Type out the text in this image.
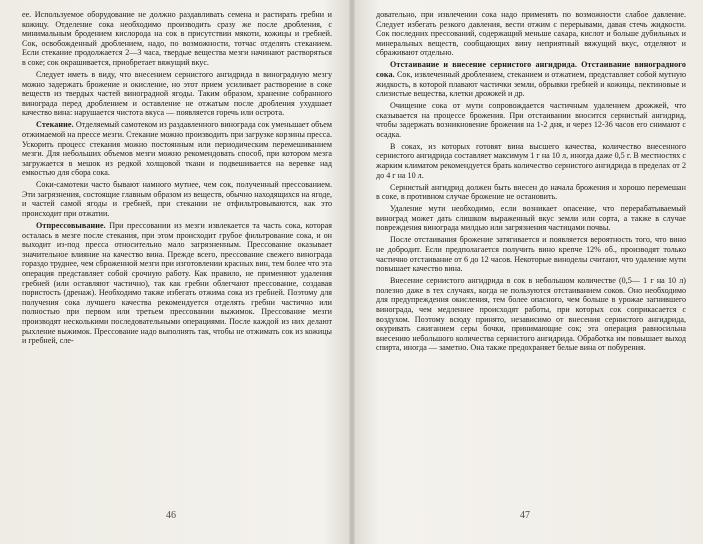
ее. Используемое оборудование не должно раздавливать семена и растирать гребни и кожицу. Отделение сока необходимо производить сразу же после дробления, с минимальным бродением кислорода на сок в присутствии мякоти, кожицы и гребней. Сок, освобожденный дроблением, надо, по возможности, тотчас отделять стеканием. Если стекание продолжается 2—3 часа, твердые вещества мезги начинают растворяться в соке; сок окрашивается, приобретает вяжущий вкус.

Следует иметь в виду, что внесением сернистого ангидрида в виноградную мезгу можно задержать брожение и окисление, но этот прием усиливает растворение в соке веществ из твердых частей виноградной ягоды. Таким образом, хранение собранного винограда перед дроблением и оставление не отжатым после дробления ухудшает качество вина: нарушается чистота вкуса — появляется горечь или острота.

Стекание. Отделяемый самотеком из раздавленного винограда сок уменьшает объем отжимаемой на прессе мезги. Стекание можно производить при загрузке корзины пресса. Ускорить процесс стекания можно постоянным или периодическим перемешиванием мезги. Для небольших объемов мезги можно рекомендовать способ, при котором мезга загружается в мешок из редкой холщовой ткани и подвешивается на веревке над емкостью для сбора сока.

Соки-самотеки часто бывают намного мутнее, чем сок, полученный прессованием. Эти загрязнения, состоящие главным образом из веществ, обычно находящихся на ягоде, и частей самой ягоды и гребней, при стекании не отфильтровываются, как это происходит при отжатии.

Отпрессовывание. При прессовании из мезги извлекается та часть сока, которая осталась в мезге после стекания, при этом происходит грубое фильтрование сока, и он выходит из-под пресса относительно мало загрязненным. Прессование оказывает значительное влияние на качество вина. Прежде всего, прессование свежего винограда гораздо труднее, чем сброженной мезги при изготовлении красных вин, тем более что эта операция представляет собой срочную работу. Как правило, не применяют удаления гребней (или оставляют частично), так как гребни облегчают прессование, создавая пористость (дренаж). Необходимо также избегать отжима сока из гребней. Поэтому для получения сока лучшего качества рекомендуется отделять гребни частично или полностью при первом или третьем прессовании выжимок. Прессование мезги производят несколькими последовательными операциями. После каждой из них делают рыхление выжимок. Прессование надо выполнять так, чтобы не отжимать сок из кожицы и гребней, сле-

46

довательно, при извлечении сока надо применять по возможности слабое давление. Следует избегать резкого давления, вести отжим с перерывами, давая стечь жидкости. Сок последних прессований, содержащий меньше сахара, кислот и больше дубильных и минеральных веществ, сообщающих вину неприятный вяжущий вкус, отделяют и сбраживают отдельно.

Отстаивание и внесение сернистого ангидрида. Отстаивание виноградного сока. Сок, извлеченный дроблением, стеканием и отжатием, представляет собой мутную жидкость, в которой плавают частички земли, обрывки гребней и кожицы, пектиновые и слизистые вещества, клетки дрожжей и др.

Очищение сока от мути сопровождается частичным удалением дрожжей, что сказывается на процессе брожения. При отстаивании вносится сернистый ангидрид, чтобы задержать возникновение брожения на 1-2 дня, и через 12-36 часов его снимают с осадка.

В соках, из которых готовят вина высшего качества, количество внесенного сернистого ангидрида составляет максимум 1 г на 10 л, иногда даже 0,5 г. В местностях с жарким климатом рекомендуется брать количество сернистого ангидрида в пределах от 2 до 4 г на 10 л.

Сернистый ангидрид должен быть внесен до начала брожения и хорошо перемешан в соке, в противном случае брожение не остановить.

Удаление мути необходимо, если возникает опасение, что перерабатываемый виноград может дать слишком выраженный вкус земли или сорта, а также в случае повреждения винограда милдью или загрязнения частицами почвы.

После отстаивания брожение затягивается и появляется вероятность того, что вино не добродит. Если предполагается получить вино крепче 12% об., производят только частично отстаивание от 6 до 12 часов. Некоторые виноделы считают, что удаление мути повышает качество вина.

Внесение сернистого ангидрида в сок в небольшом количестве (0,5— 1 г на 10 л) полезно даже в тех случаях, когда не пользуются отстаиванием соков. Оно необходимо для предупреждения окисления, тем более опасного, чем больше в урожае загнившего винограда, чем медленнее происходят работы, при которых сок соприкасается с воздухом. Поэтому всюду принято, независимо от внесения сернистого ангидрида, окуривать сжиганием серы бочки, принимающие сок; эта операция равносильна внесению небольшого количества сернистого ангидрида. Обработка им повышает выход спирта, иногда — заметно. Она также предохраняет белые вина от побурения.

47
